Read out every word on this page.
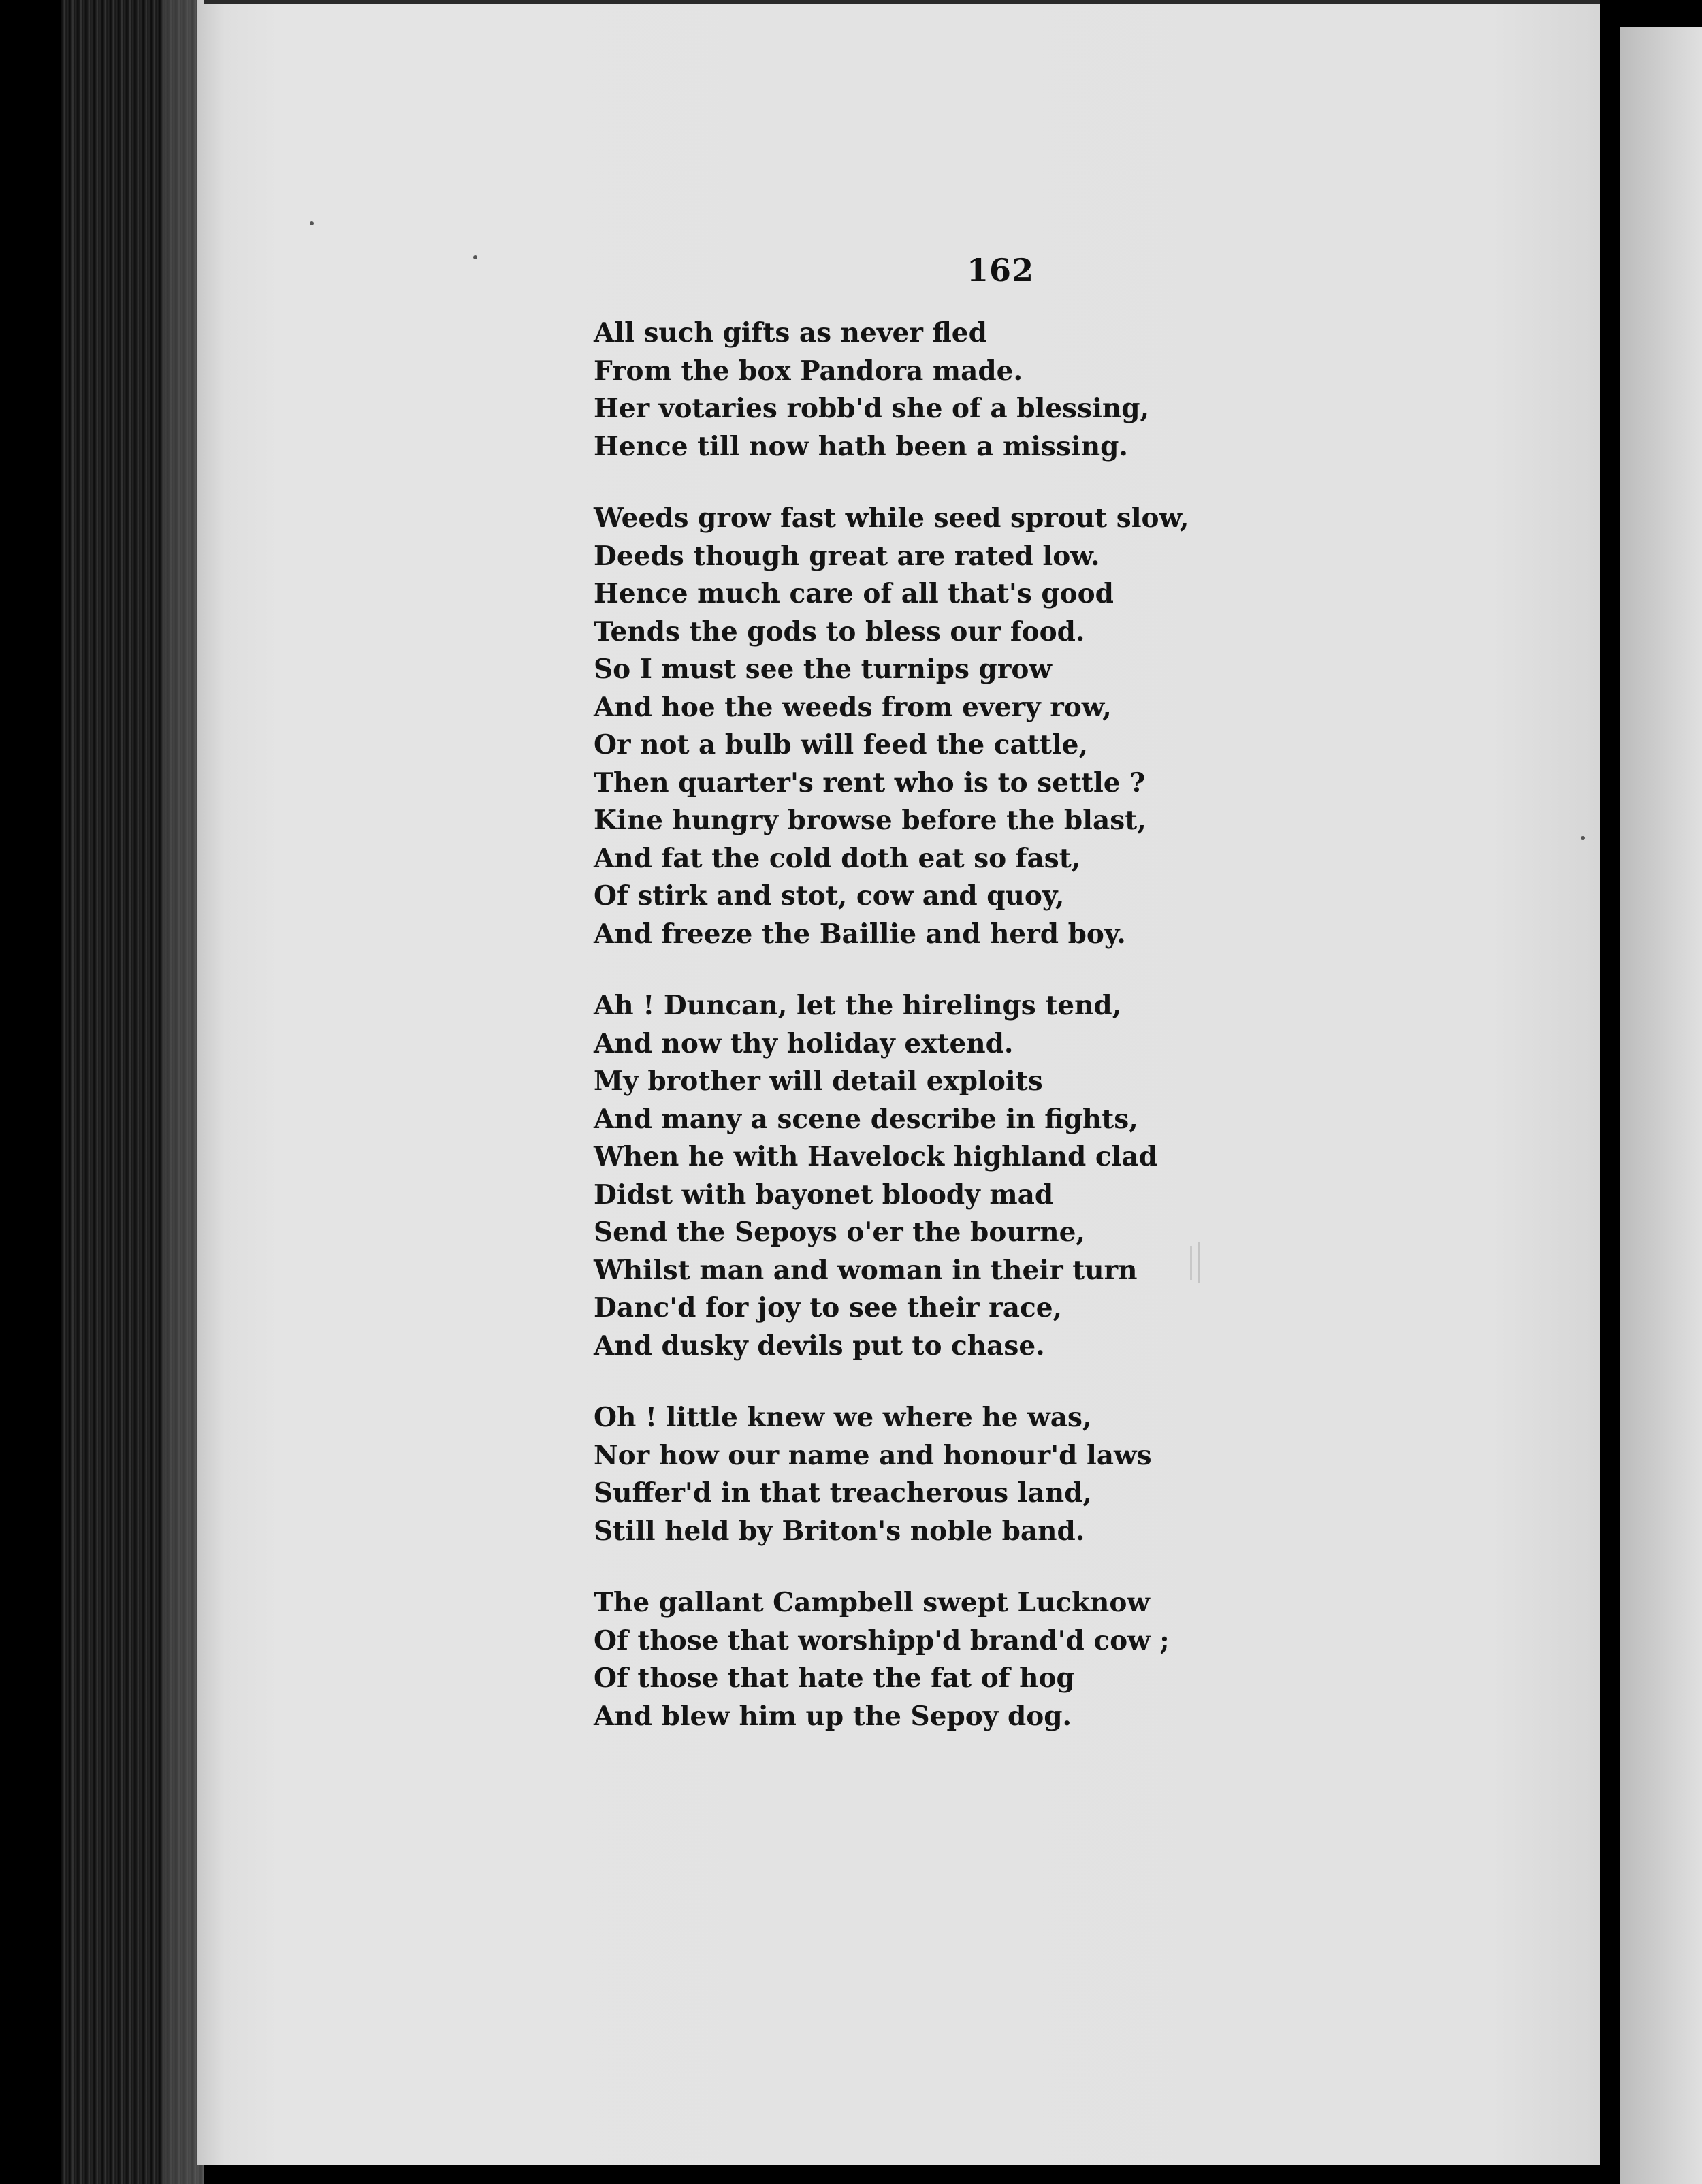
162
All such gifts as never fled
From the box Pandora made.
Her votaries robb'd she of a blessing,
Hence till now hath been a missing.
Weeds grow fast while seed sprout slow,
Deeds though great are rated low.
Hence much care of all that's good
Tends the gods to bless our food.
So I must see the turnips grow
And hoe the weeds from every row,
Or not a bulb will feed the cattle,
Then quarter's rent who is to settle ?
Kine hungry browse before the blast,
And fat the cold doth eat so fast,
Of stirk and stot, cow and quoy,
And freeze the Baillie and herd boy.
Ah ! Duncan, let the hirelings tend,
And now thy holiday extend.
My brother will detail exploits
And many a scene describe in fights,
When he with Havelock highland clad
Didst with bayonet bloody mad
Send the Sepoys o'er the bourne,
Whilst man and woman in their turn
Danc'd for joy to see their race,
And dusky devils put to chase.
Oh ! little knew we where he was,
Nor how our name and honour'd laws
Suffer'd in that treacherous land,
Still held by Briton's noble band.
The gallant Campbell swept Lucknow
Of those that worshipp'd brand'd cow ;
Of those that hate the fat of hog
And blew him up the Sepoy dog.
